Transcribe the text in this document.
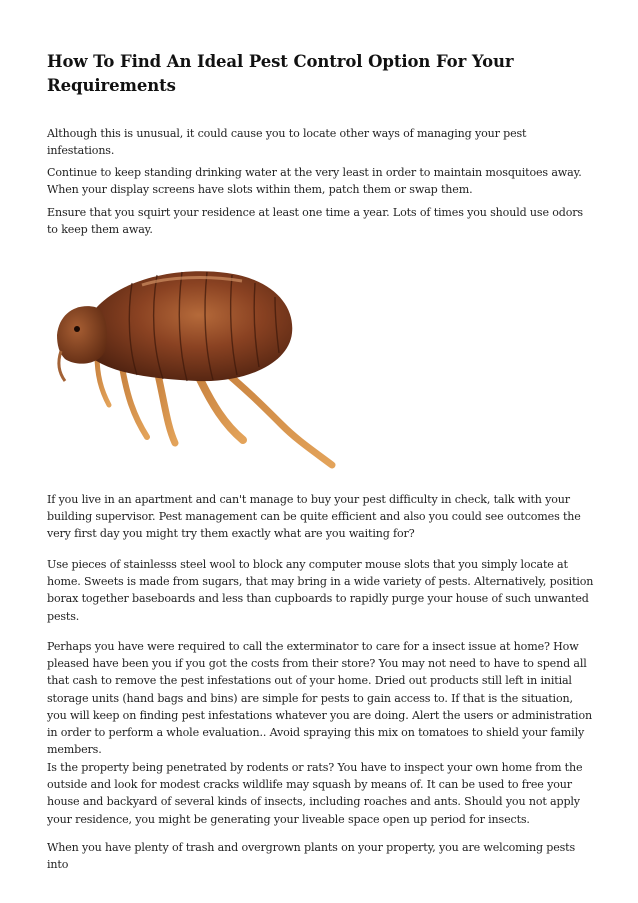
How To Find An Ideal Pest Control Option For Your Requirements

Although this is unusual, it could cause you to locate other ways of managing your pest infestations.

Continue to keep standing drinking water at the very least in order to maintain mosquitoes away. When your display screens have slots within them, patch them or swap them.

Ensure that you squirt your residence at least one time a year. Lots of times you should use odors to keep them away.

If you live in an apartment and can't manage to buy your pest difficulty in check, talk with your building supervisor. Pest management can be quite efficient and also you could see outcomes the very first day you might try them exactly what are you waiting for?

Use pieces of stainlesss steel wool to block any computer mouse slots that you simply locate at home. Sweets is made from sugars, that may bring in a wide variety of pests. Alternatively, position borax together baseboards and less than cupboards to rapidly purge your house of such unwanted pests.

Perhaps you have were required to call the exterminator to care for a insect issue at home? How pleased have been you if you got the costs from their store? You may not need to have to spend all that cash to remove the pest infestations out of your home. Dried out products still left in initial storage units (hand bags and bins) are simple for pests to gain access to. If that is the situation, you will keep on finding pest infestations whatever you are doing. Alert the users or administration in order to perform a whole evaluation.. Avoid spraying this mix on tomatoes to shield your family members.

Is the property being penetrated by rodents or rats? You have to inspect your own home from the outside and look for modest cracks wildlife may squash by means of. It can be used to free your house and backyard of several kinds of insects, including roaches and ants. Should you not apply your residence, you might be generating your liveable space open up period for insects.

When you have plenty of trash and overgrown plants on your property, you are welcoming pests into
